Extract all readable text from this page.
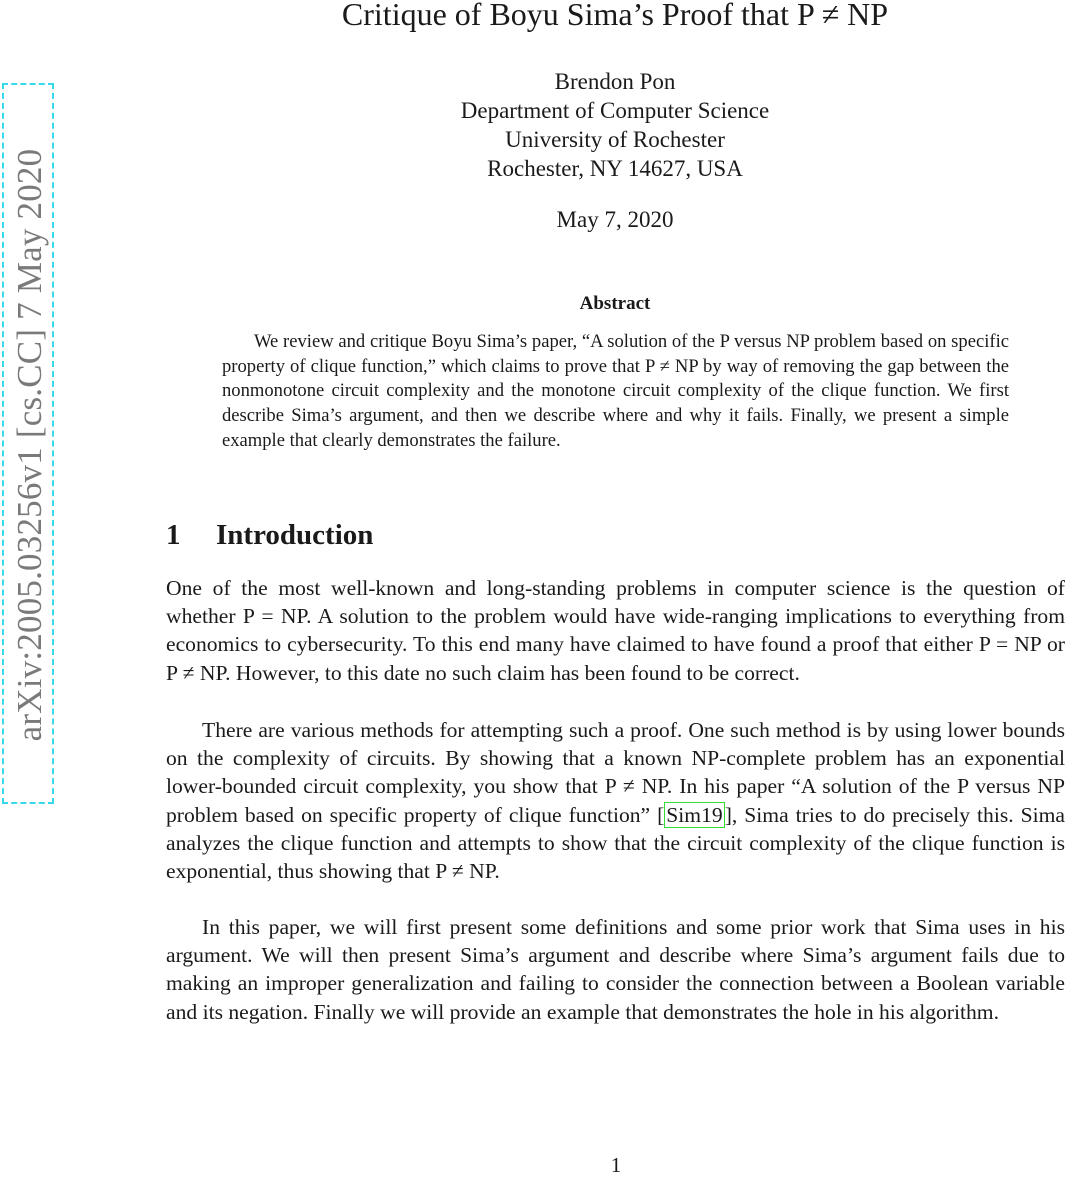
arXiv:2005.03256v1 [cs.CC] 7 May 2020
Critique of Boyu Sima’s Proof that P ≠ NP
Brendon Pon
Department of Computer Science
University of Rochester
Rochester, NY 14627, USA
May 7, 2020
Abstract
We review and critique Boyu Sima’s paper, “A solution of the P versus NP problem based on specific property of clique function,” which claims to prove that P ≠ NP by way of removing the gap between the nonmonotone circuit complexity and the monotone circuit complexity of the clique function. We first describe Sima’s argument, and then we describe where and why it fails. Finally, we present a simple example that clearly demonstrates the failure.
1 Introduction
One of the most well-known and long-standing problems in computer science is the question of whether P = NP. A solution to the problem would have wide-ranging implications to everything from economics to cybersecurity. To this end many have claimed to have found a proof that either P = NP or P ≠ NP. However, to this date no such claim has been found to be correct.
There are various methods for attempting such a proof. One such method is by using lower bounds on the complexity of circuits. By showing that a known NP-complete problem has an exponential lower-bounded circuit complexity, you show that P ≠ NP. In his paper “A solution of the P versus NP problem based on specific property of clique function” [Sim19], Sima tries to do precisely this. Sima analyzes the clique function and attempts to show that the circuit complexity of the clique function is exponential, thus showing that P ≠ NP.
In this paper, we will first present some definitions and some prior work that Sima uses in his argument. We will then present Sima’s argument and describe where Sima’s argument fails due to making an improper generalization and failing to consider the connection between a Boolean variable and its negation. Finally we will provide an example that demonstrates the hole in his algorithm.
1
